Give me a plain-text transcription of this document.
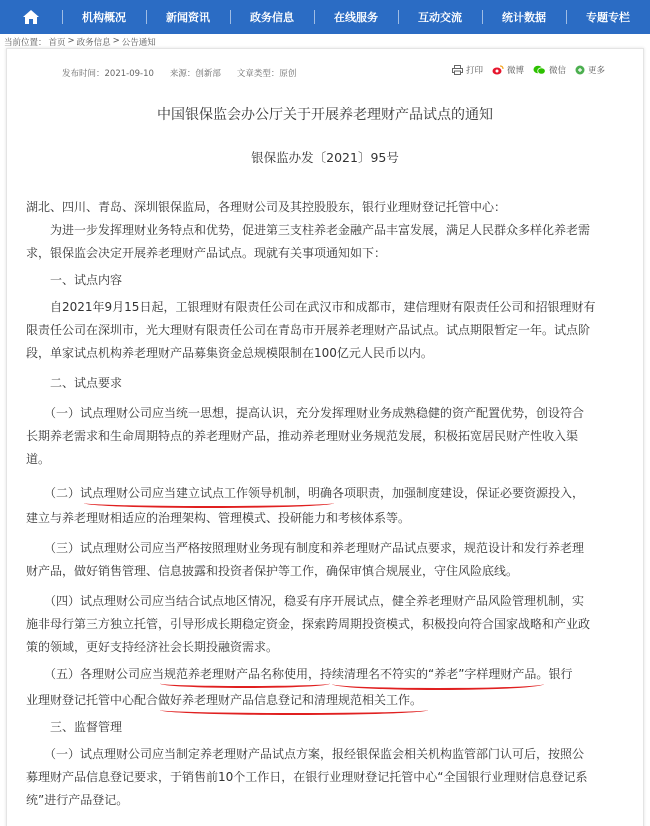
机构概况	新闻资讯	政务信息	在线服务	互动交流	统计数据	专题专栏
当前位置： 首页 > 政务信息 > 公告通知
发布时间：2021-09-10 来源：创新部 文章类型：原创	打印	微博	微信	更多
中国银保监会办公厅关于开展养老理财产品试点的通知
银保监办发〔2021〕95号
湖北、四川、青岛、深圳银保监局，各理财公司及其控股股东，银行业理财登记托管中心：
　　为进一步发挥理财业务特点和优势，促进第三支柱养老金融产品丰富发展，满足人民群众多样化养老需
求，银保监会决定开展养老理财产品试点。现就有关事项通知如下：
　　一、试点内容
　　自2021年9月15日起，工银理财有限责任公司在武汉市和成都市，建信理财有限责任公司和招银理财有
限责任公司在深圳市，光大理财有限责任公司在青岛市开展养老理财产品试点。试点期限暂定一年。试点阶
段，单家试点机构养老理财产品募集资金总规模限制在100亿元人民币以内。
　　二、试点要求
　　（一）试点理财公司应当统一思想，提高认识，充分发挥理财业务成熟稳健的资产配置优势，创设符合
长期养老需求和生命周期特点的养老理财产品，推动养老理财业务规范发展，积极拓宽居民财产性收入渠
道。
　　（二）试点理财公司应当建立试点工作领导机制，明确各项职责，加强制度建设，保证必要资源投入，
建立与养老理财相适应的治理架构、管理模式、投研能力和考核体系等。
　　（三）试点理财公司应当严格按照理财业务现有制度和养老理财产品试点要求，规范设计和发行养老理
财产品，做好销售管理、信息披露和投资者保护等工作，确保审慎合规展业，守住风险底线。
　　（四）试点理财公司应当结合试点地区情况，稳妥有序开展试点，健全养老理财产品风险管理机制，实
施非母行第三方独立托管，引导形成长期稳定资金，探索跨周期投资模式，积极投向符合国家战略和产业政
策的领域，更好支持经济社会长期投融资需求。
　　（五）各理财公司应当规范养老理财产品名称使用，持续清理名不符实的“养老”字样理财产品。银行
业理财登记托管中心配合做好养老理财产品信息登记和清理规范相关工作。
　　三、监督管理
　　（一）试点理财公司应当制定养老理财产品试点方案，报经银保监会相关机构监管部门认可后，按照公
募理财产品信息登记要求，于销售前10个工作日，在银行业理财登记托管中心“全国银行业理财信息登记系
统”进行产品登记。
